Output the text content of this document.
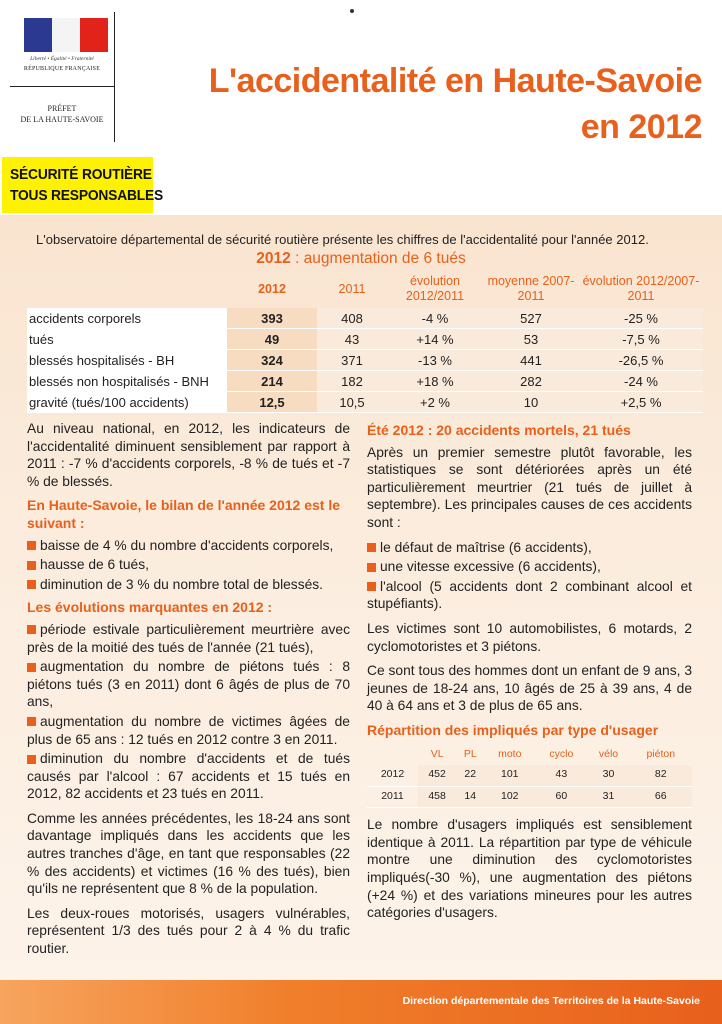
Liberté • Égalité • Fraternité
RÉPUBLIQUE FRANÇAISE
PRÉFET
DE LA HAUTE-SAVOIE
SÉCURITÉ ROUTIÈRE
TOUS RESPONSABLES
L'accidentalité en Haute-Savoie
en 2012
L'observatoire départemental de sécurité routière présente les chiffres de l'accidentalité pour l'année 2012.
2012 : augmentation de 6 tués
	2012	2011	évolution 2012/2011	moyenne 2007-2011	évolution 2012/2007-2011
accidents corporels	393	408	-4 %	527	-25 %
tués	49	43	+14 %	53	-7,5 %
blessés hospitalisés - BH	324	371	-13 %	441	-26,5 %
blessés non hospitalisés - BNH	214	182	+18 %	282	-24 %
gravité (tués/100 accidents)	12,5	10,5	+2 %	10	+2,5 %

Au niveau national, en 2012, les indicateurs de l'accidentalité diminuent sensiblement par rapport à 2011 : -7 % d'accidents corporels, -8 % de tués et -7 % de blessés.

En Haute-Savoie, le bilan de l'année 2012 est le suivant :
baisse de 4 % du nombre d'accidents corporels,
hausse de 6 tués,
diminution de 3 % du nombre total de blessés.
Les évolutions marquantes en 2012 :
période estivale particulièrement meurtrière avec près de la moitié des tués de l'année (21 tués),
augmentation du nombre de piétons tués : 8 piétons tués (3 en 2011) dont 6 âgés de plus de 70 ans,
augmentation du nombre de victimes âgées de plus de 65 ans : 12 tués en 2012 contre 3 en 2011.
diminution du nombre d'accidents et de tués causés par l'alcool : 67 accidents et 15 tués en 2012, 82 accidents et 23 tués en 2011.

Comme les années précédentes, les 18-24 ans sont davantage impliqués dans les accidents que les autres tranches d'âge, en tant que responsables (22 % des accidents) et victimes (16 % des tués), bien qu'ils ne représentent que 8 % de la population.

Les deux-roues motorisés, usagers vulnérables, représentent 1/3 des tués pour 2 à 4 % du trafic routier.

Été 2012 : 20 accidents mortels, 21 tués

Après un premier semestre plutôt favorable, les statistiques se sont détériorées après un été particulièrement meurtrier (21 tués de juillet à septembre). Les principales causes de ces accidents sont :

le défaut de maîtrise (6 accidents),
une vitesse excessive (6 accidents),
l'alcool (5 accidents dont 2 combinant alcool et stupéfiants).

Les victimes sont 10 automobilistes, 6 motards, 2 cyclomotoristes et 3 piétons.

Ce sont tous des hommes dont un enfant de 9 ans, 3 jeunes de 18-24 ans, 10 âgés de 25 à 39 ans, 4 de 40 à 64 ans et 3 de plus de 65 ans.

Répartition des impliqués par type d'usager
	VL	PL	moto	cyclo	vélo	piéton
2012	452	22	101	43	30	82
2011	458	14	102	60	31	66

Le nombre d'usagers impliqués est sensiblement identique à 2011. La répartition par type de véhicule montre une diminution des cyclomotoristes impliqués(-30 %), une augmentation des piétons (+24 %) et des variations mineures pour les autres catégories d'usagers.

Direction départementale des Territoires de la Haute-Savoie
